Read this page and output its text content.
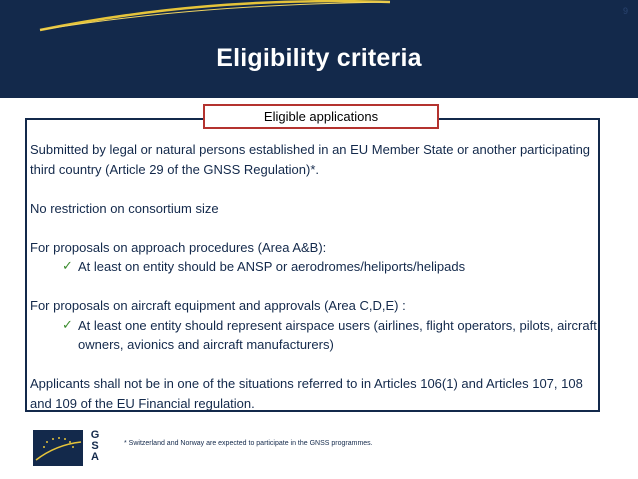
9
Eligibility criteria
Eligible applications

Submitted by legal or natural persons established in an EU Member State or another participating third country (Article 29 of the GNSS Regulation)*.

No restriction on consortium size

For proposals on approach procedures (Area A&B):

✓ At least on entity should be ANSP or aerodromes/heliports/helipads

For proposals on aircraft equipment and approvals (Area C,D,E) :

✓ At least one entity should represent airspace users (airlines, flight operators, pilots, aircraft owners, avionics and aircraft manufacturers)

Applicants shall not be in one of the situations referred to in Articles 106(1) and Articles 107, 108 and 109 of the EU Financial regulation.

G
S
A
* Switzerland and Norway are expected to participate in the GNSS programmes.
